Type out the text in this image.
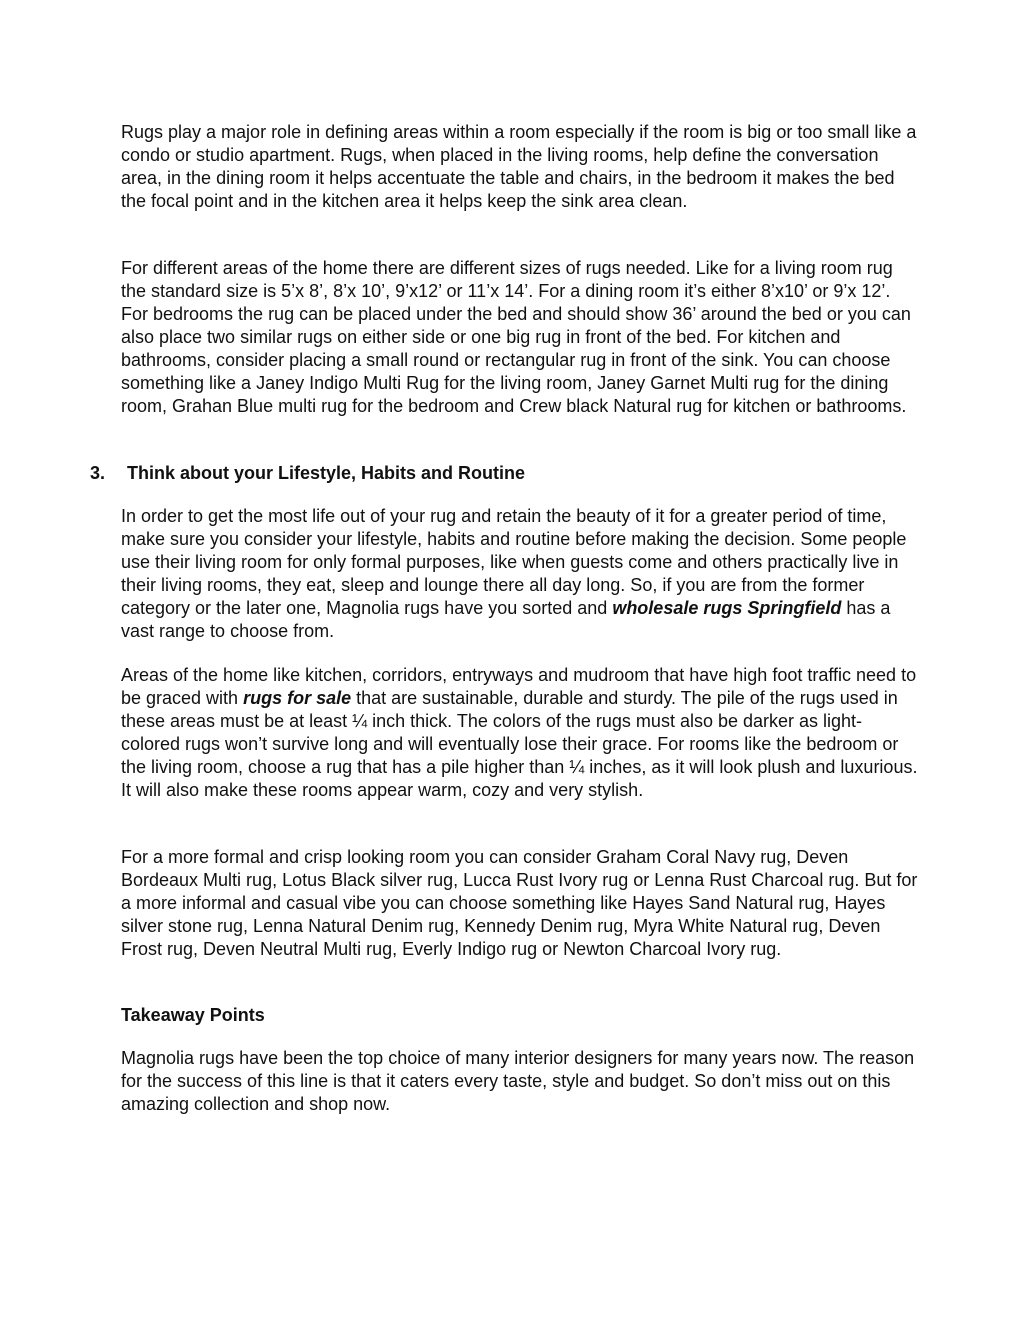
Rugs play a major role in defining areas within a room especially if the room is big or too small like a condo or studio apartment. Rugs, when placed in the living rooms, help define the conversation area, in the dining room it helps accentuate the table and chairs, in the bedroom it makes the bed the focal point and in the kitchen area it helps keep the sink area clean.

For different areas of the home there are different sizes of rugs needed. Like for a living room rug the standard size is 5’x 8’, 8’x 10’, 9’x12’ or 11’x 14’. For a dining room it’s either 8’x10’ or 9’x 12’. For bedrooms the rug can be placed under the bed and should show 36’ around the bed or you can also place two similar rugs on either side or one big rug in front of the bed. For kitchen and bathrooms, consider placing a small round or rectangular rug in front of the sink. You can choose something like a Janey Indigo Multi Rug for the living room, Janey Garnet Multi rug for the dining room, Grahan Blue multi rug for the bedroom and Crew black Natural rug for kitchen or bathrooms.

3. Think about your Lifestyle, Habits and Routine

In order to get the most life out of your rug and retain the beauty of it for a greater period of time, make sure you consider your lifestyle, habits and routine before making the decision. Some people use their living room for only formal purposes, like when guests come and others practically live in their living rooms, they eat, sleep and lounge there all day long. So, if you are from the former category or the later one, Magnolia rugs have you sorted and wholesale rugs Springfield has a vast range to choose from.

Areas of the home like kitchen, corridors, entryways and mudroom that have high foot traffic need to be graced with rugs for sale that are sustainable, durable and sturdy. The pile of the rugs used in these areas must be at least ¼ inch thick. The colors of the rugs must also be darker as light-colored rugs won’t survive long and will eventually lose their grace. For rooms like the bedroom or the living room, choose a rug that has a pile higher than ¼ inches, as it will look plush and luxurious. It will also make these rooms appear warm, cozy and very stylish.

For a more formal and crisp looking room you can consider Graham Coral Navy rug, Deven Bordeaux Multi rug, Lotus Black silver rug, Lucca Rust Ivory rug or Lenna Rust Charcoal rug. But for a more informal and casual vibe you can choose something like Hayes Sand Natural rug, Hayes silver stone rug, Lenna Natural Denim rug, Kennedy Denim rug, Myra White Natural rug, Deven Frost rug, Deven Neutral Multi rug, Everly Indigo rug or Newton Charcoal Ivory rug.

Takeaway Points

Magnolia rugs have been the top choice of many interior designers for many years now. The reason for the success of this line is that it caters every taste, style and budget. So don’t miss out on this amazing collection and shop now.
